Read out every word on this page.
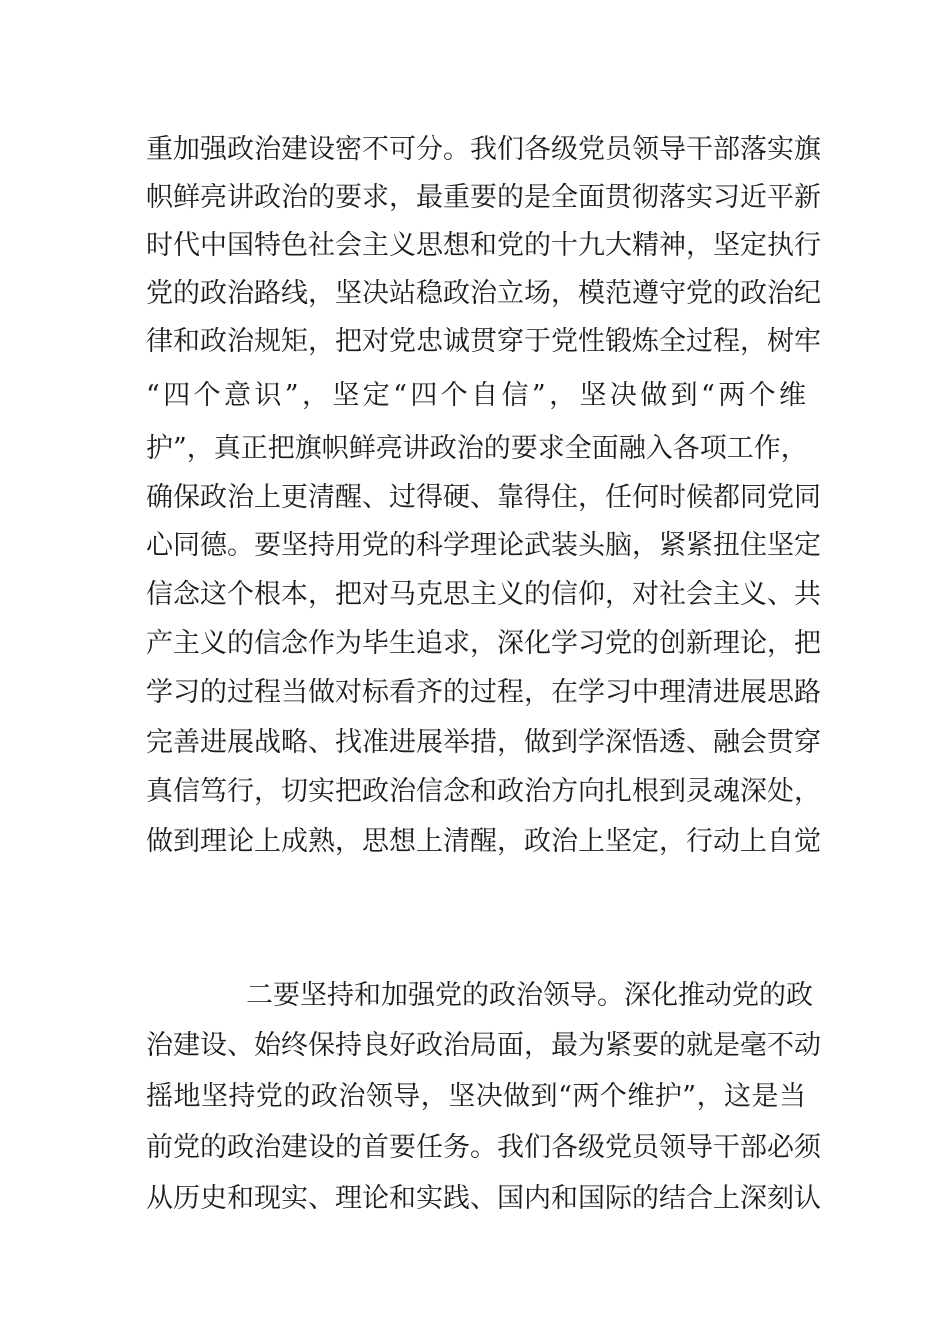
重加强政治建设密不可分。我们各级党员领导干部落实旗
帜鲜亮讲政治的要求，最重要的是全面贯彻落实习近平新
时代中国特色社会主义思想和党的十九大精神，坚定执行
党的政治路线，坚决站稳政治立场，模范遵守党的政治纪
律和政治规矩，把对党忠诚贯穿于党性锻炼全过程，树牢
“四个意识”，坚定“四个自信”，坚决做到“两个维
护”，真正把旗帜鲜亮讲政治的要求全面融入各项工作，
确保政治上更清醒、过得硬、靠得住，任何时候都同党同
心同德。要坚持用党的科学理论武装头脑，紧紧扭住坚定
信念这个根本，把对马克思主义的信仰，对社会主义、共
产主义的信念作为毕生追求，深化学习党的创新理论，把
学习的过程当做对标看齐的过程，在学习中理清进展思路
完善进展战略、找准进展举措，做到学深悟透、融会贯穿
真信笃行，切实把政治信念和政治方向扎根到灵魂深处，
做到理论上成熟，思想上清醒，政治上坚定，行动上自觉
二要坚持和加强党的政治领导。深化推动党的政
治建设、始终保持良好政治局面，最为紧要的就是毫不动
摇地坚持党的政治领导，坚决做到“两个维护”，这是当
前党的政治建设的首要任务。我们各级党员领导干部必须
从历史和现实、理论和实践、国内和国际的结合上深刻认
